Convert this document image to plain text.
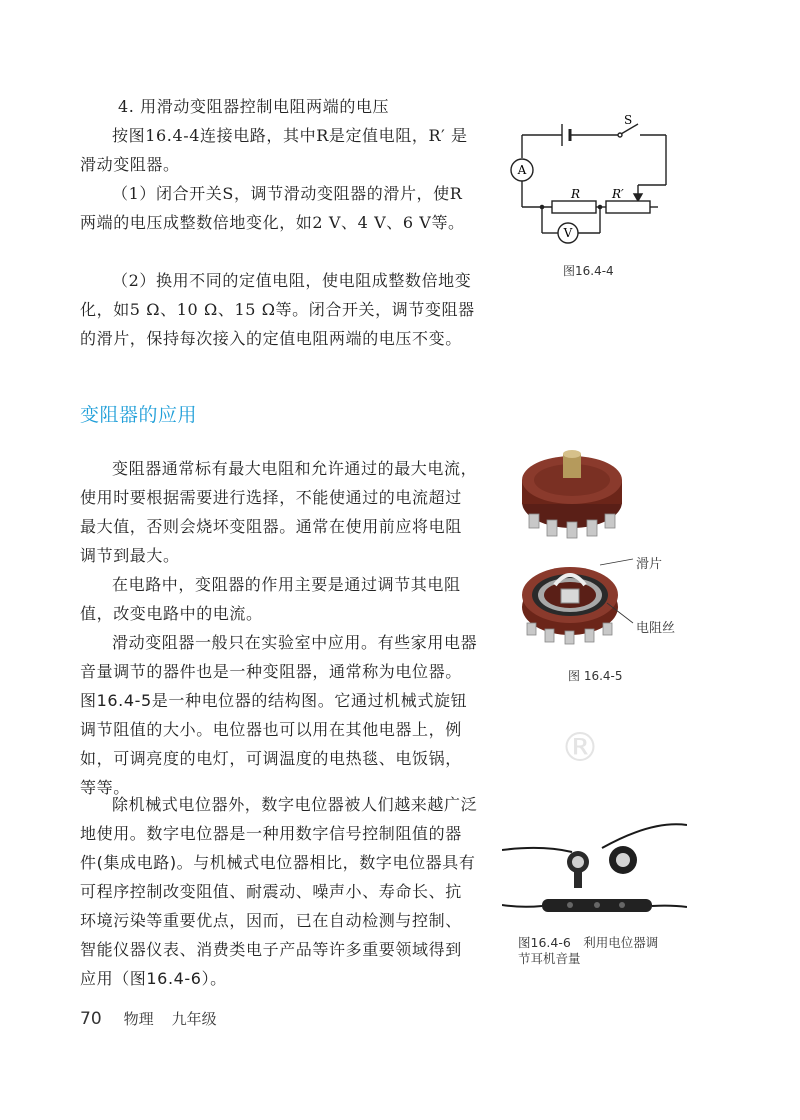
4. 用滑动变阻器控制电阻两端的电压
按图16.4-4连接电路，其中R是定值电阻，R′ 是滑动变阻器。
（1）闭合开关S，调节滑动变阻器的滑片，使R两端的电压成整数倍地变化，如2 V、4 V、6 V等。
（2）换用不同的定值电阻，使电阻成整数倍地变化，如5 Ω、10 Ω、15 Ω等。闭合开关，调节变阻器的滑片，保持每次接入的定值电阻两端的电压不变。
A
V
S
R	R′
图16.4-4
变阻器的应用
®
变阻器通常标有最大电阻和允许通过的最大电流，使用时要根据需要进行选择，不能使通过的电流超过最大值，否则会烧坏变阻器。通常在使用前应将电阻调节到最大。
在电路中，变阻器的作用主要是通过调节其电阻值，改变电路中的电流。
滑动变阻器一般只在实验室中应用。有些家用电器音量调节的器件也是一种变阻器，通常称为电位器。图16.4-5是一种电位器的结构图。它通过机械式旋钮调节阻值的大小。电位器也可以用在其他电器上，例如，可调亮度的电灯，可调温度的电热毯、电饭锅，等等。
除机械式电位器外，数字电位器被人们越来越广泛地使用。数字电位器是一种用数字信号控制阻值的器件(集成电路)。与机械式电位器相比，数字电位器具有可程序控制改变阻值、耐震动、噪声小、寿命长、抗环境污染等重要优点，因而，已在自动检测与控制、智能仪器仪表、消费类电子产品等许多重要领域得到应用（图16.4-6）。
滑片
电阻丝
图 16.4-5
图16.4-6　利用电位器调
节耳机音量
70 物理 九年级
